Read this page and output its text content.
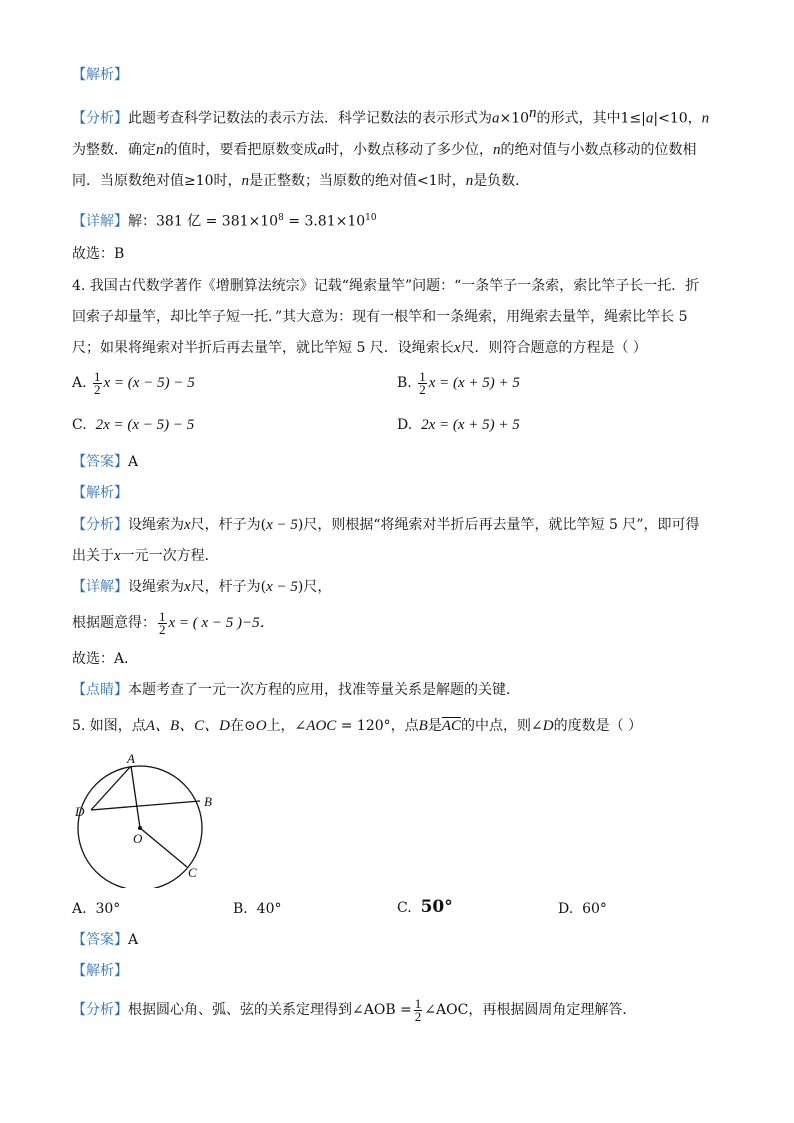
【解析】
【分析】此题考查科学记数法的表示方法．科学记数法的表示形式为$a\times 10^n$的形式，其中1≤|a|<10，n
为整数．确定n的值时，要看把原数变成a时，小数点移动了多少位，n的绝对值与小数点移动的位数相
同．当原数绝对值≥10时，n是正整数；当原数的绝对值<1时，n是负数．
【详解】解：381 亿 = $381\times 10^8 = 3.81\times 10^{10}$
故选：B
4. 我国古代数学著作《增删算法统宗》记载“绳索量竿”问题：“一条竿子一条索，索比竿子长一托．折
回索子却量竿，却比竿子短一托．”其大意为：现有一根竿和一条绳索，用绳索去量竿，绳索比竿长 5
尺；如果将绳索对半折后再去量竿，就比竿短 5 尺．设绳索长x尺．则符合题意的方程是（ ）
A. $\frac{1}{2}$ x = (x − 5) − 5	B. $\frac{1}{2}$ x = (x + 5) + 5
C. 2x = (x − 5) − 5	D. 2x = (x + 5) + 5
【答案】A
【解析】
【分析】设绳索为x尺，杆子为(x − 5)尺，则根据“将绳索对半折后再去量竿，就比竿短 5 尺”，即可得
出关于x一元一次方程．
【详解】设绳索为x尺，杆子为(x − 5)尺，
根据题意得： $\frac{1}{2}$ x = ( x − 5 )−5．
故选：A．
【点睛】本题考查了一元一次方程的应用，找准等量关系是解题的关键．
5. 如图，点A、B、C、D在⊙O上，∠AOC = 120°，点B是$\overline{AC}$的中点，则∠D的度数是（ ）
A
B
D
O
C
A. 30°	B. 40°	C. 50°	D. 60°
【答案】A
【解析】
【分析】根据圆心角、弧、弦的关系定理得到∠AOB = $\frac{1}{2}$ ∠AOC，再根据圆周角定理解答．
